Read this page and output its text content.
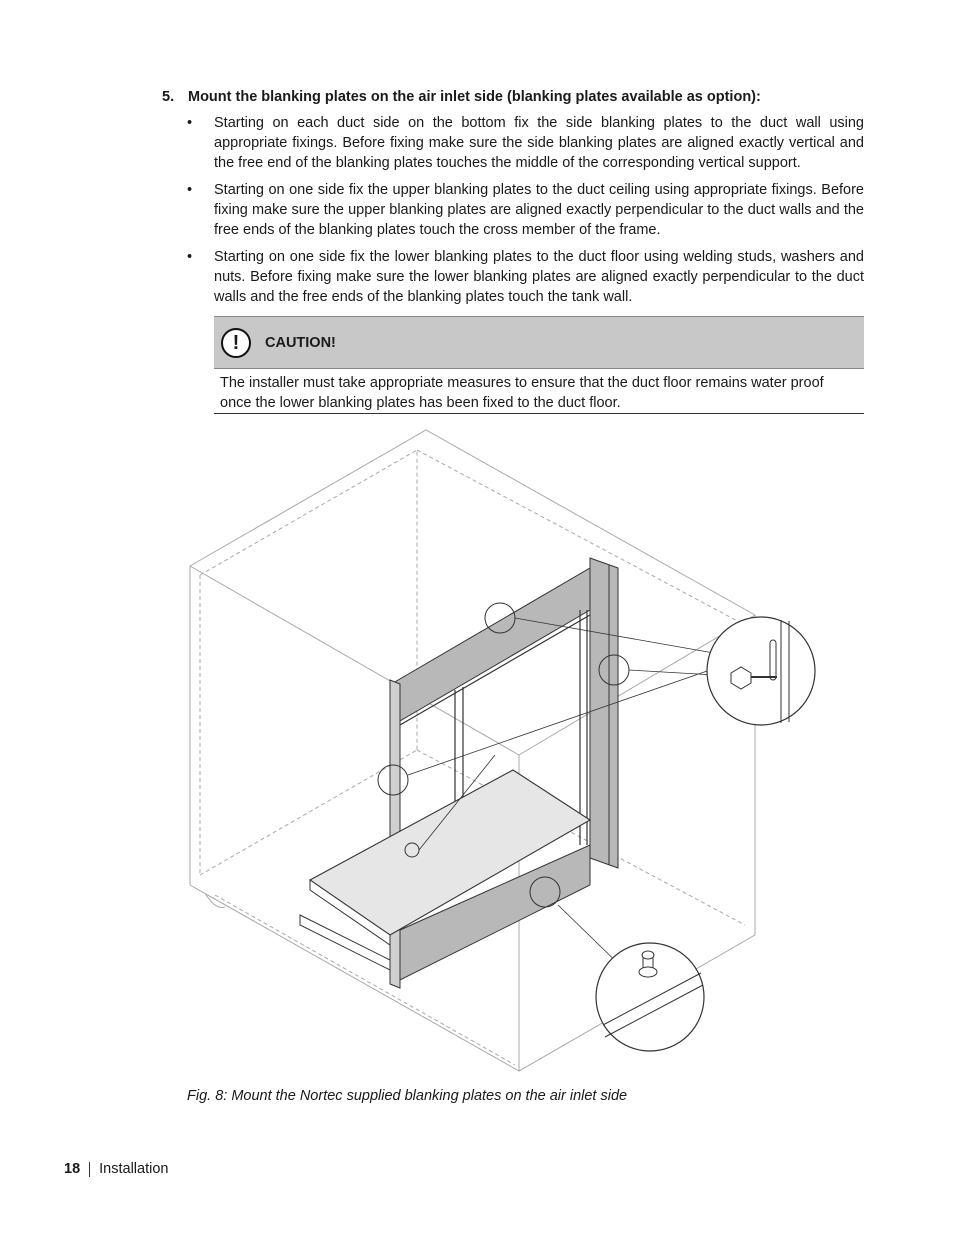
5. Mount the blanking plates on the air inlet side (blanking plates available as option):
• Starting on each duct side on the bottom fix the side blanking plates to the duct wall using appropriate fixings. Before fixing make sure the side blanking plates are aligned exactly vertical and the free end of the blanking plates touches the middle of the corresponding vertical support.
• Starting on one side fix the upper blanking plates to the duct ceiling using appropriate fixings. Before fixing make sure the upper blanking plates are aligned exactly perpendicular to the duct walls and the free ends of the blanking plates touch the cross member of the frame.
• Starting on one side fix the lower blanking plates to the duct floor using welding studs, washers and nuts. Before fixing make sure the lower blanking plates are aligned exactly perpendicular to the duct walls and the free ends of the blanking plates touch the tank wall.
! CAUTION!
The installer must take appropriate measures to ensure that the duct floor remains water proof once the lower blanking plates has been fixed to the duct floor.
Fig. 8: Mount the Nortec supplied blanking plates on the air inlet side
18 Installation
